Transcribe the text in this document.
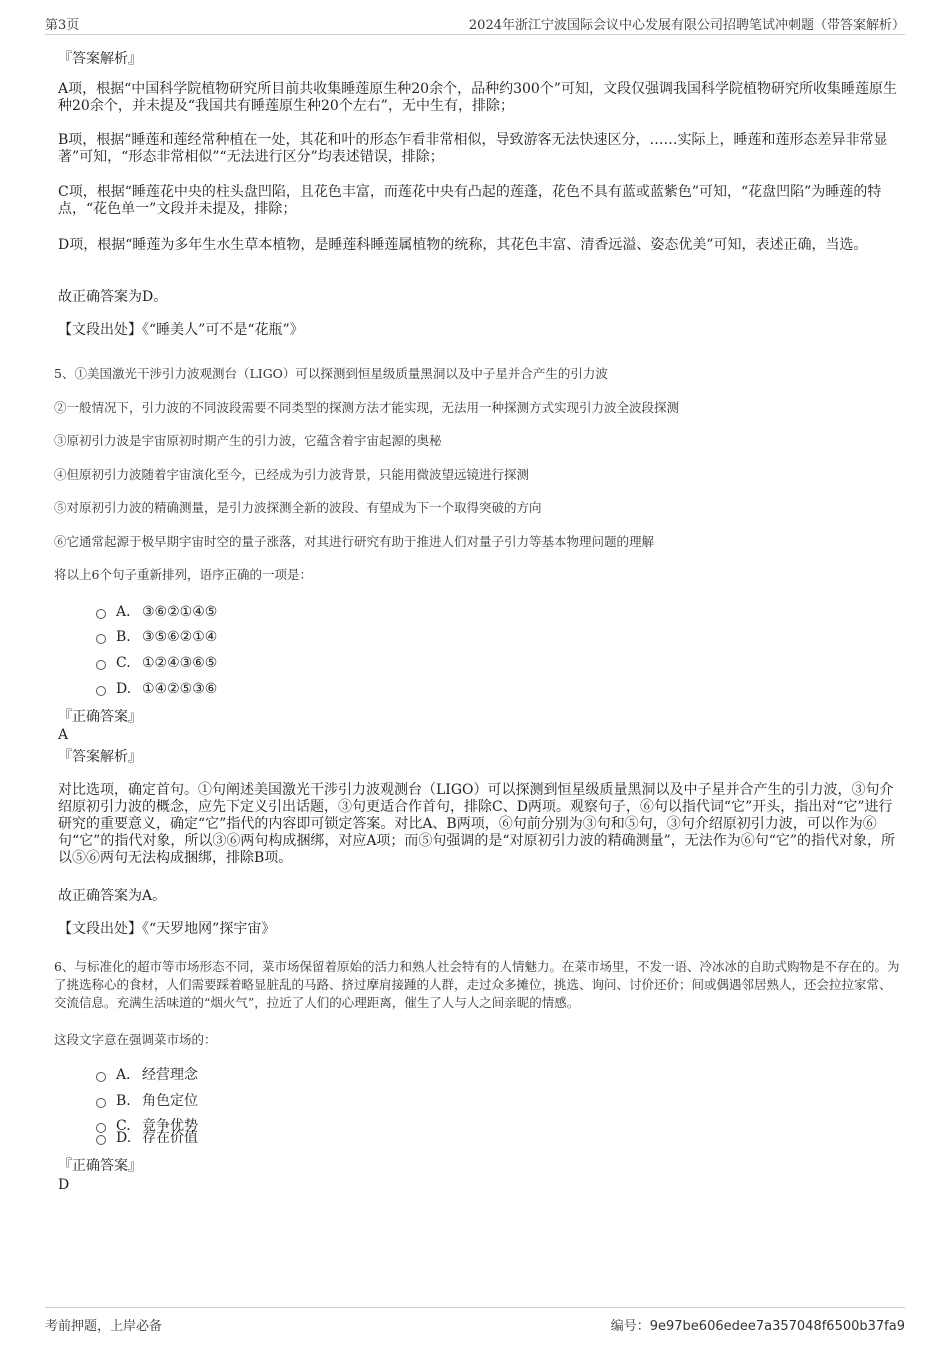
第3页	2024年浙江宁波国际会议中心发展有限公司招聘笔试冲刺题（带答案解析）

『答案解析』

A项，根据“中国科学院植物研究所目前共收集睡莲原生种20余个，品种约300个”可知，文段仅强调我国科学院植物研究所收集睡莲原生种20余个，并未提及“我国共有睡莲原生种20个左右”，无中生有，排除；

B项，根据“睡莲和莲经常种植在一处，其花和叶的形态乍看非常相似，导致游客无法快速区分，……实际上，睡莲和莲形态差异非常显著”可知，“形态非常相似”“无法进行区分”均表述错误，排除；

C项，根据“睡莲花中央的柱头盘凹陷，且花色丰富，而莲花中央有凸起的莲蓬，花色不具有蓝或蓝紫色”可知，“花盘凹陷”为睡莲的特点，“花色单一”文段并未提及，排除；

D项，根据“睡莲为多年生水生草本植物，是睡莲科睡莲属植物的统称，其花色丰富、清香远溢、姿态优美”可知，表述正确，当选。

故正确答案为D。

【文段出处】《“睡美人”可不是“花瓶”》

5、①美国激光干涉引力波观测台（LIGO）可以探测到恒星级质量黑洞以及中子星并合产生的引力波

②一般情况下，引力波的不同波段需要不同类型的探测方法才能实现，无法用一种探测方式实现引力波全波段探测

③原初引力波是宇宙原初时期产生的引力波，它蕴含着宇宙起源的奥秘

④但原初引力波随着宇宙演化至今，已经成为引力波背景，只能用微波望远镜进行探测

⑤对原初引力波的精确测量，是引力波探测全新的波段、有望成为下一个取得突破的方向

⑥它通常起源于极早期宇宙时空的量子涨落，对其进行研究有助于推进人们对量子引力等基本物理问题的理解

将以上6个句子重新排列，语序正确的一项是：

A． ③⑥②①④⑤
B. ③⑤⑥②①④
C. ①②④③⑥⑤
D. ①④②⑤③⑥

『正确答案』

A

『答案解析』

对比选项，确定首句。①句阐述美国激光干涉引力波观测台（LIGO）可以探测到恒星级质量黑洞以及中子星并合产生的引力波，③句介绍原初引力波的概念，应先下定义引出话题，③句更适合作首句，排除C、D两项。观察句子，⑥句以指代词“它”开头，指出对“它”进行研究的重要意义，确定“它”指代的内容即可锁定答案。对比A、B两项，⑥句前分别为③句和⑤句，③句介绍原初引力波，可以作为⑥句“它”的指代对象，所以③⑥两句构成捆绑，对应A项；而⑤句强调的是“对原初引力波的精确测量”，无法作为⑥句“它”的指代对象，所以⑤⑥两句无法构成捆绑，排除B项。

故正确答案为A。

【文段出处】《“天罗地网”探宇宙》

6、与标准化的超市等市场形态不同，菜市场保留着原始的活力和熟人社会特有的人情魅力。在菜市场里，不发一语、冷冰冰的自助式购物是不存在的。为了挑选称心的食材，人们需要踩着略显脏乱的马路、挤过摩肩接踵的人群，走过众多摊位，挑选、询问、讨价还价；间或偶遇邻居熟人，还会拉拉家常、交流信息。充满生活味道的“烟火气”，拉近了人们的心理距离，催生了人与人之间亲昵的情感。

这段文字意在强调菜市场的：

A． 经营理念
B. 角色定位
C. 竞争优势
D. 存在价值

『正确答案』

D

考前押题，上岸必备	编号：9e97be606edee7a357048f6500b37fa9
